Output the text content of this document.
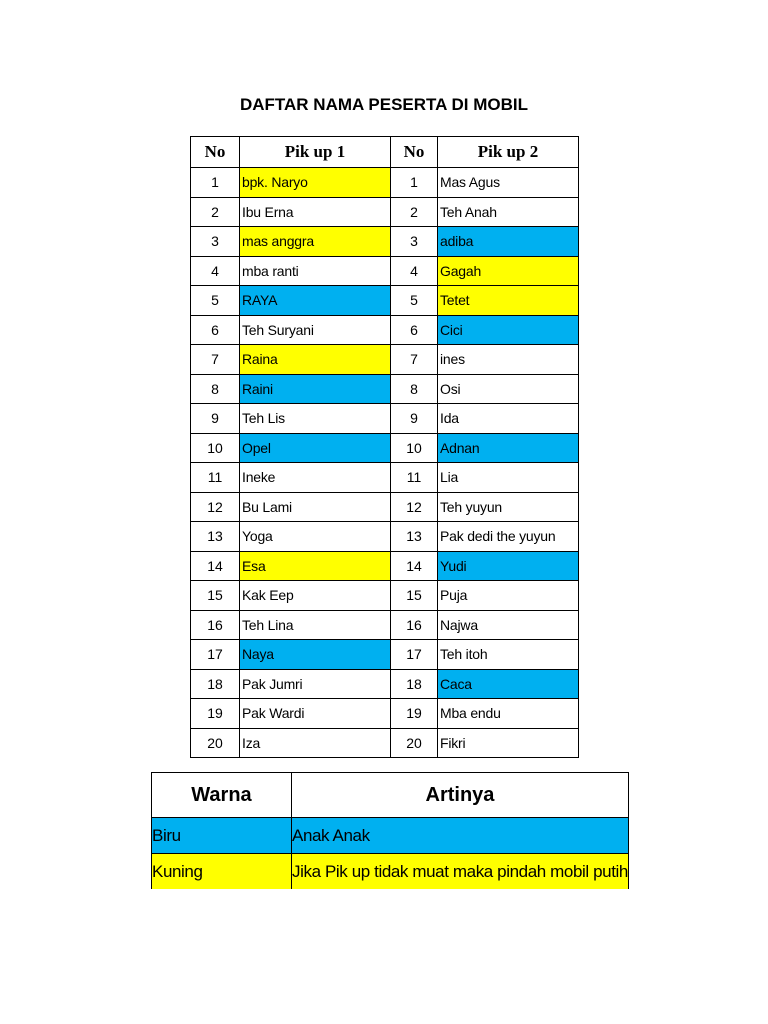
DAFTAR NAMA PESERTA DI MOBIL
No	Pik up 1	No	Pik up 2
1	bpk. Naryo	1	Mas Agus
2	Ibu Erna	2	Teh Anah
3	mas anggra	3	adiba
4	mba ranti	4	Gagah
5	RAYA	5	Tetet
6	Teh Suryani	6	Cici
7	Raina	7	ines
8	Raini	8	Osi
9	Teh Lis	9	Ida
10	Opel	10	Adnan
11	Ineke	11	Lia
12	Bu Lami	12	Teh yuyun
13	Yoga	13	Pak dedi the yuyun
14	Esa	14	Yudi
15	Kak Eep	15	Puja
16	Teh Lina	16	Najwa
17	Naya	17	Teh itoh
18	Pak Jumri	18	Caca
19	Pak Wardi	19	Mba endu
20	Iza	20	Fikri
Warna	Artinya
Biru	Anak Anak
Kuning	Jika Pik up tidak muat maka pindah mobil putih
